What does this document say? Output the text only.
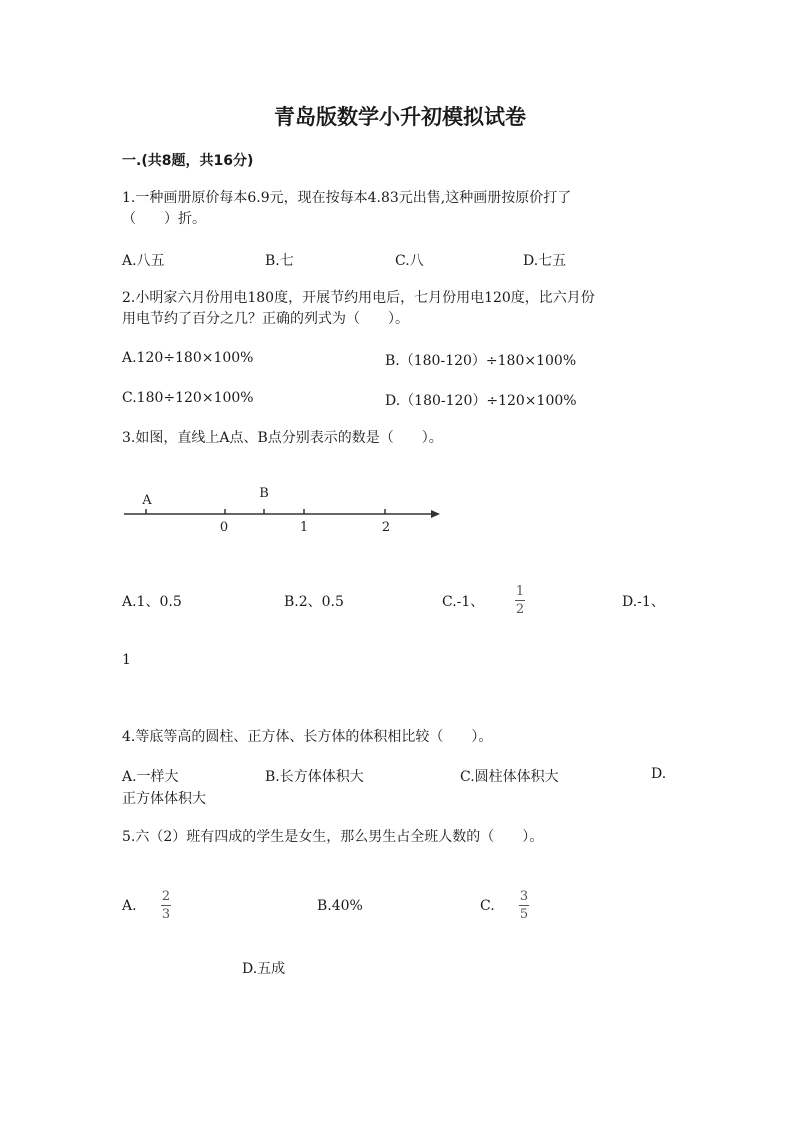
青岛版数学小升初模拟试卷
一.(共8题，共16分)
1.一种画册原价每本6.9元，现在按每本4.83元出售,这种画册按原价打了
（　　）折。
A.八五	B.七	C.八	D.七五
2.小明家六月份用电180度，开展节约用电后，七月份用电120度，比六月份
用电节约了百分之几？正确的列式为（　　）。
A.120÷180×100%	B.（180-120）÷180×100%
C.180÷120×100%	D.（180-120）÷120×100%
3.如图，直线上A点、B点分别表示的数是（　　）。
A	B
0	1	2
A.1、0.5	B.2、0.5	C.-1、
1
2	D.-1、
1
4.等底等高的圆柱、正方体、长方体的体积相比较（　　）。
A.一样大	B.长方体体积大	C.圆柱体体积大	D.
正方体体积大
5.六（2）班有四成的学生是女生，那么男生占全班人数的（　　）。
A.
2
3
B.40%	C.
3
5
D.五成
